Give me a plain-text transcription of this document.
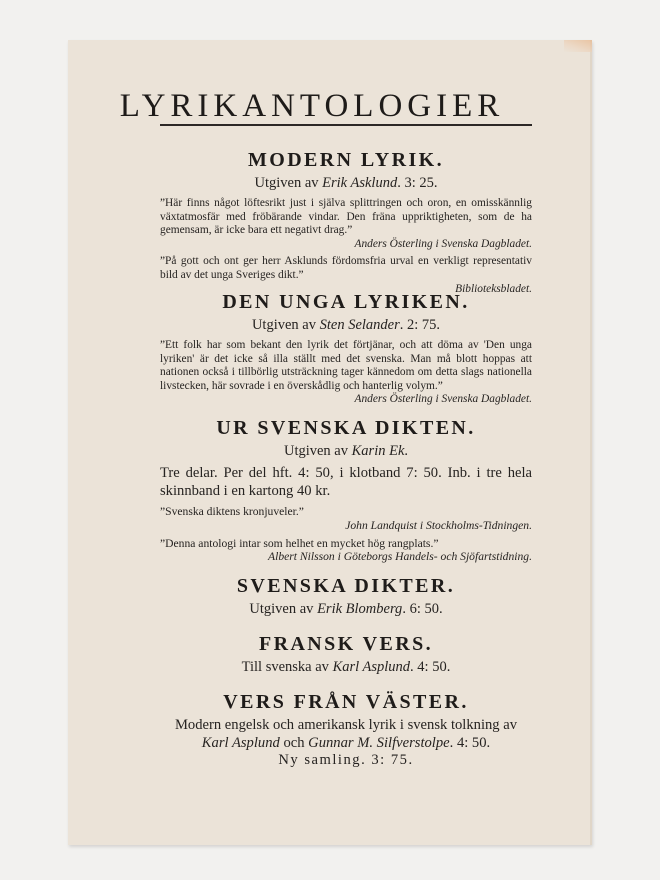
LYRIKANTOLOGIER
MODERN LYRIK.
Utgiven av Erik Asklund. 3: 25.
”Här finns något löftesrikt just i själva splittringen och oron, en omisskännlig växtatmosfär med fröbärande vindar. Den fräna uppriktigheten, som de ha gemensam, är icke bara ett negativt drag.”
Anders Österling i Svenska Dagbladet.
”På gott och ont ger herr Asklunds fördomsfria urval en verkligt representativ bild av det unga Sveriges dikt.”
Biblioteksbladet.
DEN UNGA LYRIKEN.
Utgiven av Sten Selander. 2: 75.
”Ett folk har som bekant den lyrik det förtjänar, och att döma av 'Den unga lyriken' är det icke så illa ställt med det svenska. Man må blott hoppas att nationen också i tillbörlig utsträckning tager kännedom om detta slags nationella livstecken, här sovrade i en överskådlig och hanterlig volym.”
Anders Österling i Svenska Dagbladet.
UR SVENSKA DIKTEN.
Utgiven av Karin Ek.
Tre delar. Per del hft. 4: 50, i klotband 7: 50. Inb. i tre hela skinnband i en kartong 40 kr.
”Svenska diktens kronjuveler.”
John Landquist i Stockholms-Tidningen.
”Denna antologi intar som helhet en mycket hög rangplats.”
Albert Nilsson i Göteborgs Handels- och Sjöfartstidning.
SVENSKA DIKTER.
Utgiven av Erik Blomberg. 6: 50.
FRANSK VERS.
Till svenska av Karl Asplund. 4: 50.
VERS FRÅN VÄSTER.
Modern engelsk och amerikansk lyrik i svensk tolkning av
Karl Asplund och Gunnar M. Silfverstolpe. 4: 50.
Ny samling. 3: 75.
